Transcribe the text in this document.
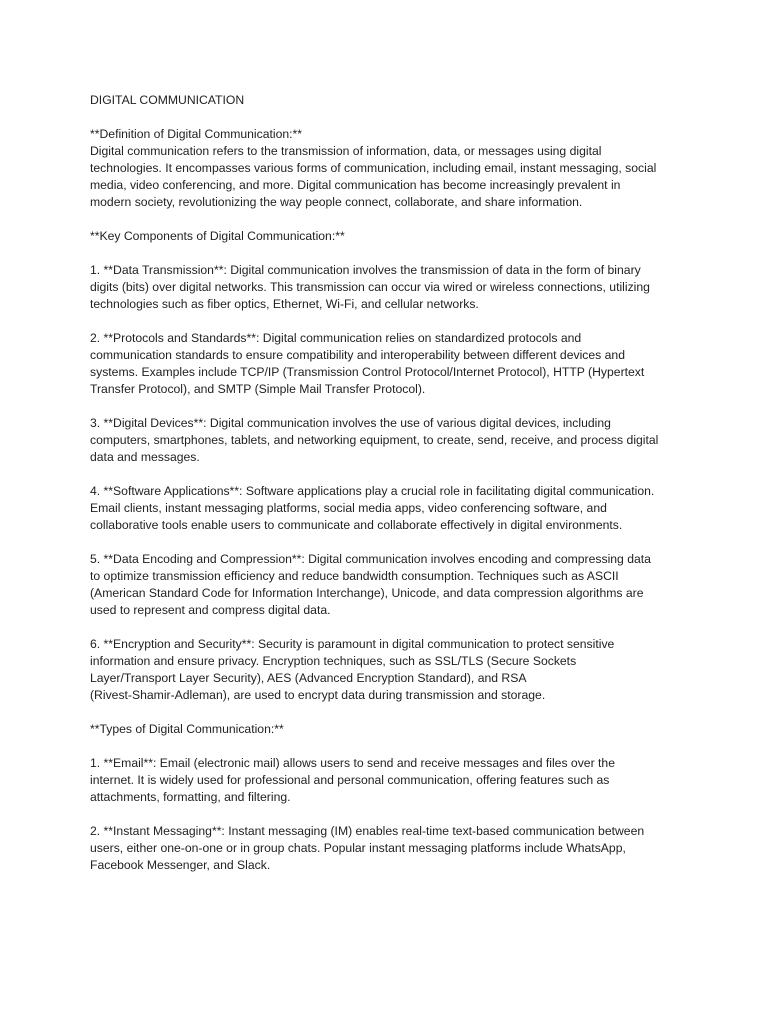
DIGITAL COMMUNICATION

**Definition of Digital Communication:**
Digital communication refers to the transmission of information, data, or messages using digital
technologies. It encompasses various forms of communication, including email, instant messaging, social
media, video conferencing, and more. Digital communication has become increasingly prevalent in
modern society, revolutionizing the way people connect, collaborate, and share information.

**Key Components of Digital Communication:**

1. **Data Transmission**: Digital communication involves the transmission of data in the form of binary
digits (bits) over digital networks. This transmission can occur via wired or wireless connections, utilizing
technologies such as fiber optics, Ethernet, Wi-Fi, and cellular networks.

2. **Protocols and Standards**: Digital communication relies on standardized protocols and
communication standards to ensure compatibility and interoperability between different devices and
systems. Examples include TCP/IP (Transmission Control Protocol/Internet Protocol), HTTP (Hypertext
Transfer Protocol), and SMTP (Simple Mail Transfer Protocol).

3. **Digital Devices**: Digital communication involves the use of various digital devices, including
computers, smartphones, tablets, and networking equipment, to create, send, receive, and process digital
data and messages.

4. **Software Applications**: Software applications play a crucial role in facilitating digital communication.
Email clients, instant messaging platforms, social media apps, video conferencing software, and
collaborative tools enable users to communicate and collaborate effectively in digital environments.

5. **Data Encoding and Compression**: Digital communication involves encoding and compressing data
to optimize transmission efficiency and reduce bandwidth consumption. Techniques such as ASCII
(American Standard Code for Information Interchange), Unicode, and data compression algorithms are
used to represent and compress digital data.

6. **Encryption and Security**: Security is paramount in digital communication to protect sensitive
information and ensure privacy. Encryption techniques, such as SSL/TLS (Secure Sockets
Layer/Transport Layer Security), AES (Advanced Encryption Standard), and RSA
(Rivest-Shamir-Adleman), are used to encrypt data during transmission and storage.

**Types of Digital Communication:**

1. **Email**: Email (electronic mail) allows users to send and receive messages and files over the
internet. It is widely used for professional and personal communication, offering features such as
attachments, formatting, and filtering.

2. **Instant Messaging**: Instant messaging (IM) enables real-time text-based communication between
users, either one-on-one or in group chats. Popular instant messaging platforms include WhatsApp,
Facebook Messenger, and Slack.
